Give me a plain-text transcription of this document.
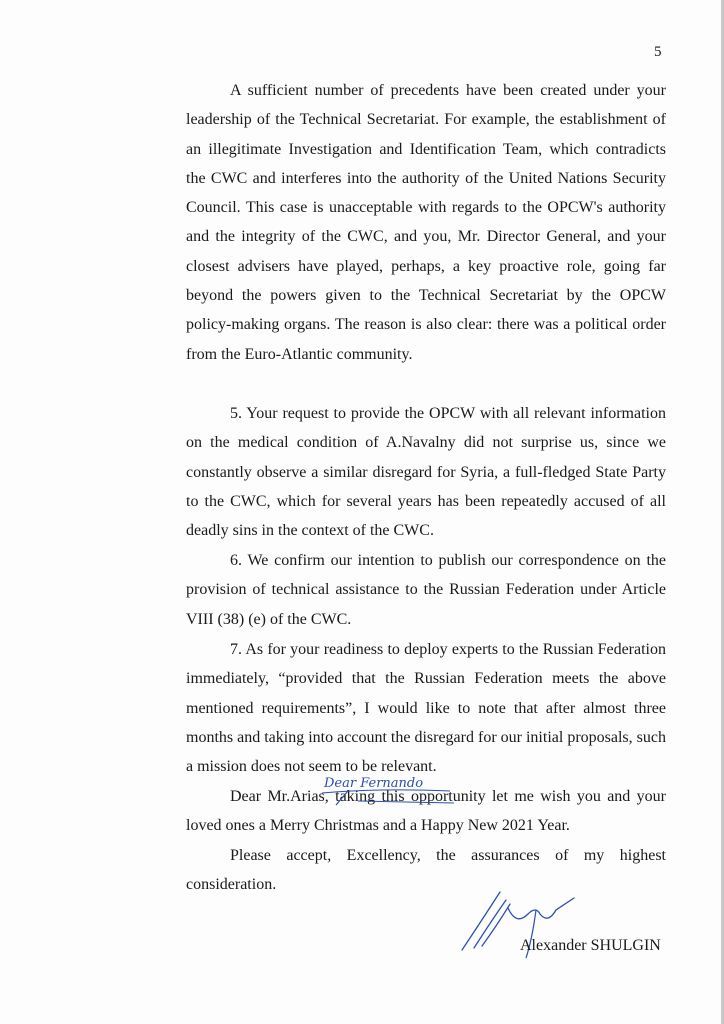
5

A sufficient number of precedents have been created under your leadership of the Technical Secretariat. For example, the establishment of an illegitimate Investigation and Identification Team, which contradicts the CWC and interferes into the authority of the United Nations Security Council. This case is unacceptable with regards to the OPCW's authority and the integrity of the CWC, and you, Mr. Director General, and your closest advisers have played, perhaps, a key proactive role, going far beyond the powers given to the Technical Secretariat by the OPCW policy-making organs. The reason is also clear: there was a political order from the Euro-Atlantic community.

5. Your request to provide the OPCW with all relevant information on the medical condition of A.Navalny did not surprise us, since we constantly observe a similar disregard for Syria, a full-fledged State Party to the CWC, which for several years has been repeatedly accused of all deadly sins in the context of the CWC.

6. We confirm our intention to publish our correspondence on the provision of technical assistance to the Russian Federation under Article VIII (38) (e) of the CWC.

7. As for your readiness to deploy experts to the Russian Federation immediately, “provided that the Russian Federation meets the above mentioned requirements”, I would like to note that after almost three months and taking into account the disregard for our initial proposals, such a mission does not seem to be relevant.

Dear Mr.Arias, taking this opportunity let me wish you and your loved ones a Merry Christmas and a Happy New 2021 Year.

Please accept, Excellency, the assurances of my highest consideration.

Dear Fernando
Alexander SHULGIN
